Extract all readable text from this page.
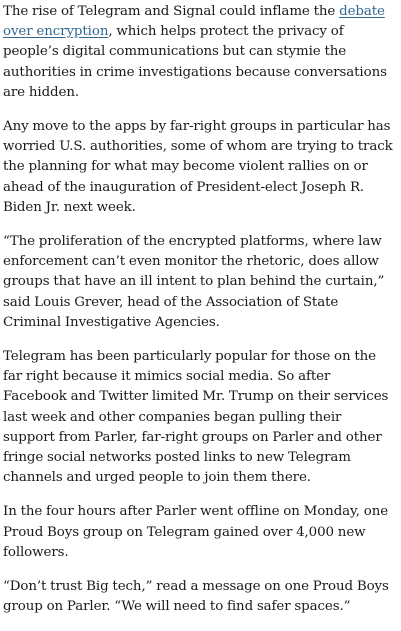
The rise of Telegram and Signal could inflame the debate over encryption, which helps protect the privacy of people’s digital communications but can stymie the authorities in crime investigations because conversations are hidden.

Any move to the apps by far-right groups in particular has worried U.S. authorities, some of whom are trying to track the planning for what may become violent rallies on or ahead of the inauguration of President-elect Joseph R. Biden Jr. next week.

“The proliferation of the encrypted platforms, where law enforcement can’t even monitor the rhetoric, does allow groups that have an ill intent to plan behind the curtain,” said Louis Grever, head of the Association of State Criminal Investigative Agencies.

Telegram has been particularly popular for those on the far right because it mimics social media. So after Facebook and Twitter limited Mr. Trump on their services last week and other companies began pulling their support from Parler, far-right groups on Parler and other fringe social networks posted links to new Telegram channels and urged people to join them there.

In the four hours after Parler went offline on Monday, one Proud Boys group on Telegram gained over 4,000 new followers.

“Don’t trust Big tech,” read a message on one Proud Boys group on Parler. “We will need to find safer spaces.”
